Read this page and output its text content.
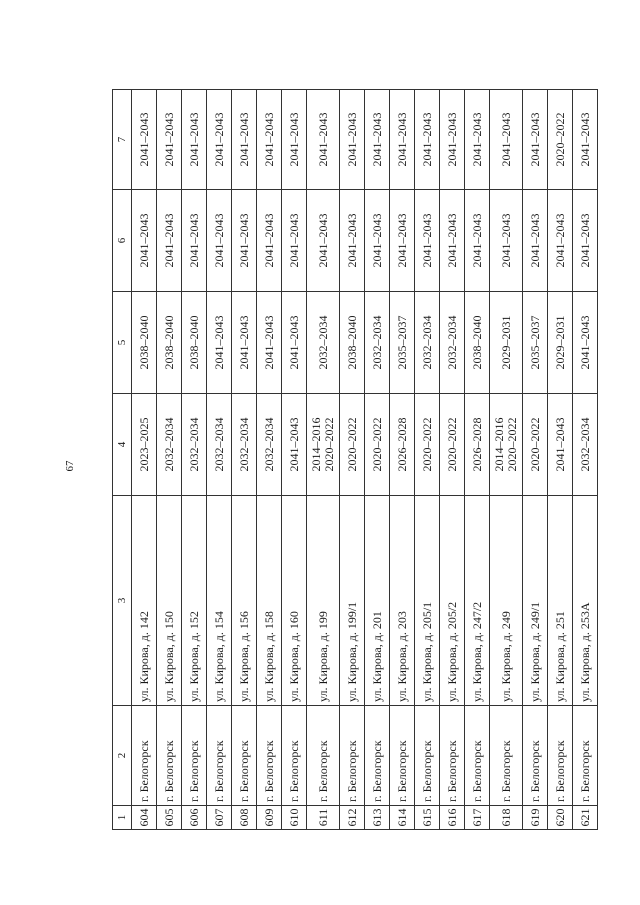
67
1	2	3	4	5	6	7
604	г. Белогорск	ул. Кирова, д. 142	2023–2025	2038–2040	2041–2043	2041–2043
605	г. Белогорск	ул. Кирова, д. 150	2032–2034	2038–2040	2041–2043	2041–2043
606	г. Белогорск	ул. Кирова, д. 152	2032–2034	2038–2040	2041–2043	2041–2043
607	г. Белогорск	ул. Кирова, д. 154	2032–2034	2041–2043	2041–2043	2041–2043
608	г. Белогорск	ул. Кирова, д. 156	2032–2034	2041–2043	2041–2043	2041–2043
609	г. Белогорск	ул. Кирова, д. 158	2032–2034	2041–2043	2041–2043	2041–2043
610	г. Белогорск	ул. Кирова, д. 160	2041–2043	2041–2043	2041–2043	2041–2043
611	г. Белогорск	ул. Кирова, д. 199	2014–2016 2020–2022	2032–2034	2041–2043	2041–2043
612	г. Белогорск	ул. Кирова, д. 199/1	2020–2022	2038–2040	2041–2043	2041–2043
613	г. Белогорск	ул. Кирова, д. 201	2020–2022	2032–2034	2041–2043	2041–2043
614	г. Белогорск	ул. Кирова, д. 203	2026–2028	2035–2037	2041–2043	2041–2043
615	г. Белогорск	ул. Кирова, д. 205/1	2020–2022	2032–2034	2041–2043	2041–2043
616	г. Белогорск	ул. Кирова, д. 205/2	2020–2022	2032–2034	2041–2043	2041–2043
617	г. Белогорск	ул. Кирова, д. 247/2	2026–2028	2038–2040	2041–2043	2041–2043
618	г. Белогорск	ул. Кирова, д. 249	2014–2016 2020–2022	2029–2031	2041–2043	2041–2043
619	г. Белогорск	ул. Кирова, д. 249/1	2020–2022	2035–2037	2041–2043	2041–2043
620	г. Белогорск	ул. Кирова, д. 251	2041–2043	2029–2031	2041–2043	2020–2022
621	г. Белогорск	ул. Кирова, д. 253А	2032–2034	2041–2043	2041–2043	2041–2043
